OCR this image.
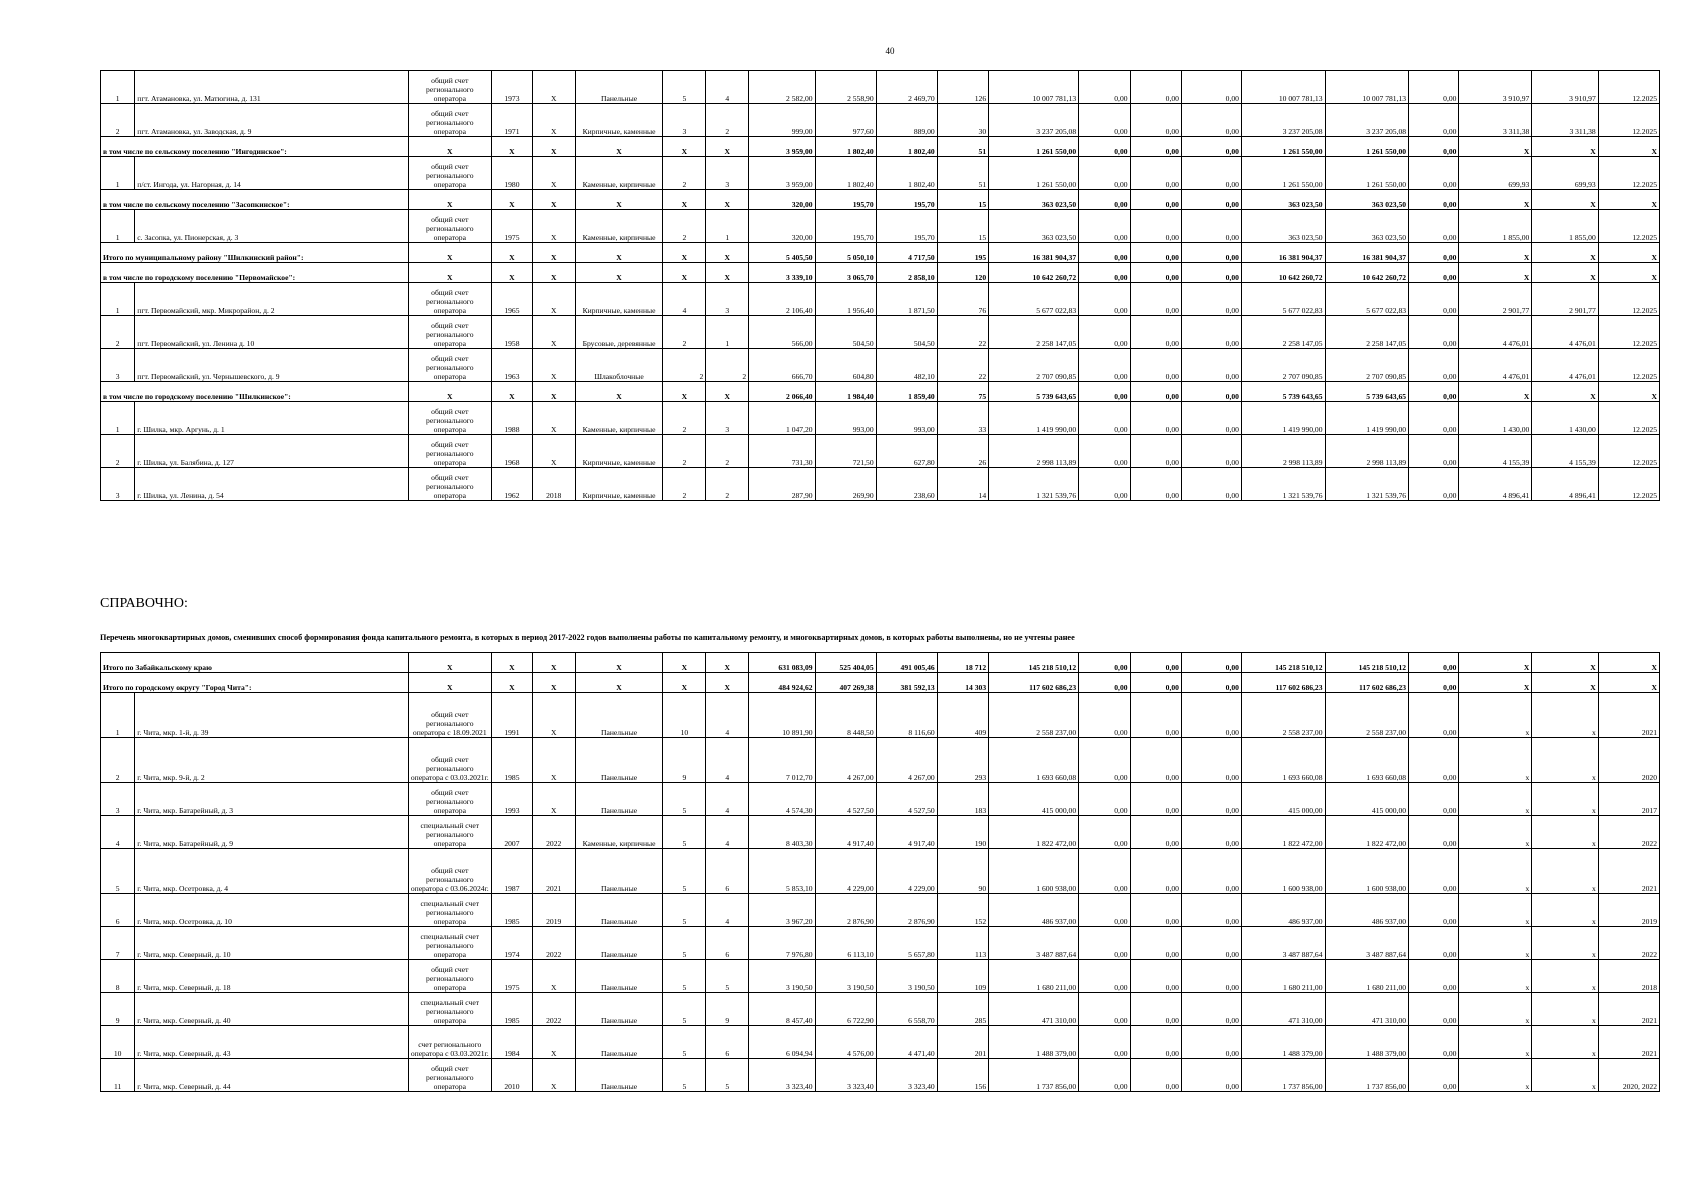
40
1	пгт. Атамановка, ул. Матюгина, д. 131	общий счет регионального оператора	1973	Х	Панельные	5	4	2 582,00	2 558,90	2 469,70	126	10 007 781,13	0,00	0,00	0,00	10 007 781,13	10 007 781,13	0,00	3 910,97	3 910,97	12.2025
2	пгт. Атамановка, ул. Заводская, д. 9	общий счет регионального оператора	1971	Х	Кирпичные, каменные	3	2	999,00	977,60	889,00	30	3 237 205,08	0,00	0,00	0,00	3 237 205,08	3 237 205,08	0,00	3 311,38	3 311,38	12.2025
в том числе по сельскому поселению "Ингодинское":		Х	Х	Х	Х	Х	Х	3 959,00	1 802,40	1 802,40	51	1 261 550,00	0,00	0,00	0,00	1 261 550,00	1 261 550,00	0,00	Х	Х	Х
1	п/ст. Ингода, ул. Нагорная, д. 14	общий счет регионального оператора	1980	Х	Каменные, кирпичные	2	3	3 959,00	1 802,40	1 802,40	51	1 261 550,00	0,00	0,00	0,00	1 261 550,00	1 261 550,00	0,00	699,93	699,93	12.2025
в том числе по сельскому поселению "Засопкинское":		Х	Х	Х	Х	Х	Х	320,00	195,70	195,70	15	363 023,50	0,00	0,00	0,00	363 023,50	363 023,50	0,00	Х	Х	Х
1	с. Засопка, ул. Пионерская, д. 3	общий счет регионального оператора	1975	Х	Каменные, кирпичные	2	1	320,00	195,70	195,70	15	363 023,50	0,00	0,00	0,00	363 023,50	363 023,50	0,00	1 855,00	1 855,00	12.2025
Итого по муниципальному району "Шилкинский район":		Х	Х	Х	Х	Х	Х	5 405,50	5 050,10	4 717,50	195	16 381 904,37	0,00	0,00	0,00	16 381 904,37	16 381 904,37	0,00	Х	Х	Х
в том числе по городскому поселению "Первомайское":		Х	Х	Х	Х	Х	Х	3 339,10	3 065,70	2 858,10	120	10 642 260,72	0,00	0,00	0,00	10 642 260,72	10 642 260,72	0,00	Х	Х	Х
1	пгт. Первомайский, мкр. Микрорайон, д. 2	общий счет регионального оператора	1965	Х	Кирпичные, каменные	4	3	2 106,40	1 956,40	1 871,50	76	5 677 022,83	0,00	0,00	0,00	5 677 022,83	5 677 022,83	0,00	2 901,77	2 901,77	12.2025
2	пгт. Первомайский, ул. Ленина д. 10	общий счет регионального оператора	1958	Х	Брусовые, деревянные	2	1	566,00	504,50	504,50	22	2 258 147,05	0,00	0,00	0,00	2 258 147,05	2 258 147,05	0,00	4 476,01	4 476,01	12.2025
3	пгт. Первомайский, ул. Чернышевского, д. 9	общий счет регионального оператора	1963	Х	Шлакоблочные	2	2	666,70	604,80	482,10	22	2 707 090,85	0,00	0,00	0,00	2 707 090,85	2 707 090,85	0,00	4 476,01	4 476,01	12.2025
в том числе по городскому поселению "Шилкинское":		Х	Х	Х	Х	Х	Х	2 066,40	1 984,40	1 859,40	75	5 739 643,65	0,00	0,00	0,00	5 739 643,65	5 739 643,65	0,00	Х	Х	Х
1	г. Шилка, мкр. Аргунь, д. 1	общий счет регионального оператора	1988	Х	Каменные, кирпичные	2	3	1 047,20	993,00	993,00	33	1 419 990,00	0,00	0,00	0,00	1 419 990,00	1 419 990,00	0,00	1 430,00	1 430,00	12.2025
2	г. Шилка, ул. Балябина, д. 127	общий счет регионального оператора	1968	Х	Кирпичные, каменные	2	2	731,30	721,50	627,80	26	2 998 113,89	0,00	0,00	0,00	2 998 113,89	2 998 113,89	0,00	4 155,39	4 155,39	12.2025
3	г. Шилка, ул. Ленина, д. 54	общий счет регионального оператора	1962	2018	Кирпичные, каменные	2	2	287,90	269,90	238,60	14	1 321 539,76	0,00	0,00	0,00	1 321 539,76	1 321 539,76	0,00	4 896,41	4 896,41	12.2025
СПРАВОЧНО:
Перечень многоквартирных домов, сменивших способ формирования фонда капитального ремонта, в которых в период 2017-2022 годов выполнены работы по капитальному ремонту, и многоквартирных домов, в которых работы выполнены, но не учтены ранее
Итого по Забайкальскому краю		Х	Х	Х	Х	Х	Х	631 083,09	525 404,05	491 005,46	18 712	145 218 510,12	0,00	0,00	0,00	145 218 510,12	145 218 510,12	0,00	Х	Х	Х
Итого по городскому округу "Город Чита":		Х	Х	Х	Х	Х	Х	484 924,62	407 269,38	381 592,13	14 303	117 602 686,23	0,00	0,00	0,00	117 602 686,23	117 602 686,23	0,00	Х	Х	Х
1	г. Чита, мкр. 1-й, д. 39	общий счет регионального оператора с 18.09.2021	1991	Х	Панельные	10	4	10 891,90	8 448,50	8 116,60	409	2 558 237,00	0,00	0,00	0,00	2 558 237,00	2 558 237,00	0,00	х	х	2021
2	г. Чита, мкр. 9-й, д. 2	общий счет регионального оператора с 03.03.2021г.	1985	Х	Панельные	9	4	7 012,70	4 267,00	4 267,00	293	1 693 660,08	0,00	0,00	0,00	1 693 660,08	1 693 660,08	0,00	х	х	2020
3	г. Чита, мкр. Батарейный, д. 3	общий счет регионального оператора	1993	Х	Панельные	5	4	4 574,30	4 527,50	4 527,50	183	415 000,00	0,00	0,00	0,00	415 000,00	415 000,00	0,00	х	х	2017
4	г. Чита, мкр. Батарейный, д. 9	специальный счет регионального оператора	2007	2022	Каменные, кирпичные	5	4	8 403,30	4 917,40	4 917,40	190	1 822 472,00	0,00	0,00	0,00	1 822 472,00	1 822 472,00	0,00	х	х	2022
5	г. Чита, мкр. Осетровка, д. 4	общий счет регионального оператора с 03.06.2024г.	1987	2021	Панельные	5	6	5 853,10	4 229,00	4 229,00	90	1 600 938,00	0,00	0,00	0,00	1 600 938,00	1 600 938,00	0,00	х	х	2021
6	г. Чита, мкр. Осетровка, д. 10	специальный счет регионального оператора	1985	2019	Панельные	5	4	3 967,20	2 876,90	2 876,90	152	486 937,00	0,00	0,00	0,00	486 937,00	486 937,00	0,00	х	х	2019
7	г. Чита, мкр. Северный, д. 10	специальный счет регионального оператора	1974	2022	Панельные	5	6	7 976,80	6 113,10	5 657,80	113	3 487 887,64	0,00	0,00	0,00	3 487 887,64	3 487 887,64	0,00	х	х	2022
8	г. Чита, мкр. Северный, д. 18	общий счет регионального оператора	1975	Х	Панельные	5	5	3 190,50	3 190,50	3 190,50	109	1 680 211,00	0,00	0,00	0,00	1 680 211,00	1 680 211,00	0,00	х	х	2018
9	г. Чита, мкр. Северный, д. 40	специальный счет регионального оператора	1985	2022	Панельные	5	9	8 457,40	6 722,90	6 558,70	285	471 310,00	0,00	0,00	0,00	471 310,00	471 310,00	0,00	х	х	2021
10	г. Чита, мкр. Северный, д. 43	счет регионального оператора с 03.03.2021г.	1984	Х	Панельные	5	6	6 094,94	4 576,00	4 471,40	201	1 488 379,00	0,00	0,00	0,00	1 488 379,00	1 488 379,00	0,00	х	х	2021
11	г. Чита, мкр. Северный, д. 44	общий счет регионального оператора	2010	Х	Панельные	5	5	3 323,40	3 323,40	3 323,40	156	1 737 856,00	0,00	0,00	0,00	1 737 856,00	1 737 856,00	0,00	х	х	2020, 2022
